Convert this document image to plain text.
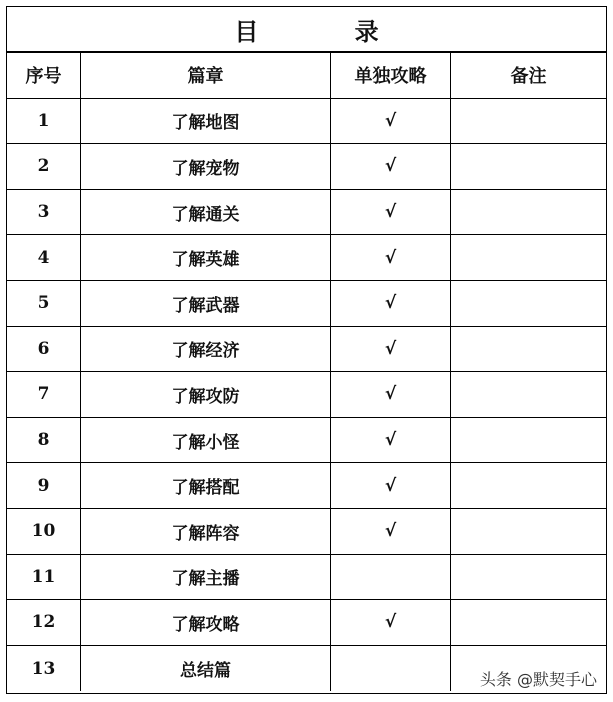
目 录
序号	篇章	单独攻略	备注
1	了解地图	√
2	了解宠物	√
3	了解通关	√
4	了解英雄	√
5	了解武器	√
6	了解经济	√
7	了解攻防	√
8	了解小怪	√
9	了解搭配	√
10	了解阵容	√
11	了解主播
12	了解攻略	√
13	总结篇	头条 @默契手心
